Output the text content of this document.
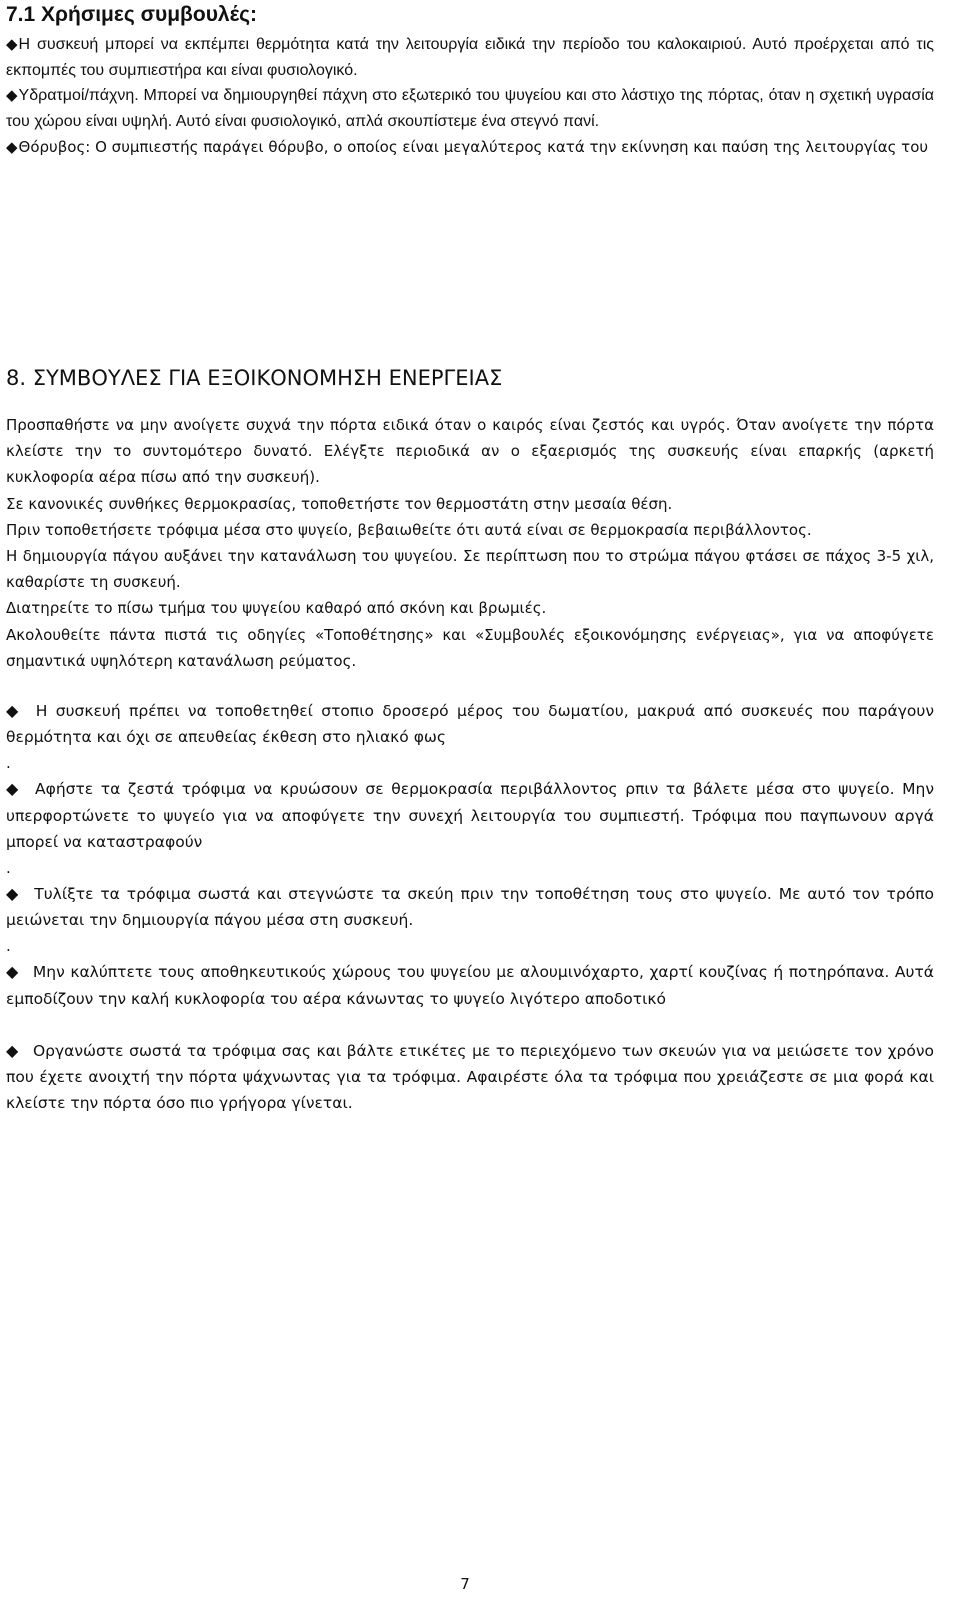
7.1 Χρήσιμες συμβουλές:

◆Η συσκευή μπορεί να εκπέμπει θερμότητα κατά την λειτουργία ειδικά την περίοδο του καλοκαιριού. Αυτό προέρχεται από τις εκπομπές του συμπιεστήρα και είναι φυσιολογικό.

◆Υδρατμοί/πάχνη. Μπορεί να δημιουργηθεί πάχνη στο εξωτερικό του ψυγείου και στο λάστιχο της πόρτας, όταν η σχετική υγρασία του χώρου είναι υψηλή. Αυτό είναι φυσιολογικό, απλά σκουπίστεμε ένα στεγνό πανί.

◆Θόρυβος: Ο συμπιεστής παράγει θόρυβο, ο οποίος είναι μεγαλύτερος κατά την εκίννηση και παύση της λειτουργίας του

8. ΣΥΜΒΟΥΛΕΣ ΓΙΑ ΕΞΟΙΚΟΝΟΜΗΣΗ ΕΝΕΡΓΕΙΑΣ

Προσπαθήστε να μην ανοίγετε συχνά την πόρτα ειδικά όταν ο καιρός είναι ζεστός και υγρός. Όταν ανοίγετε την πόρτα κλείστε την το συντομότερο δυνατό. Ελέγξτε περιοδικά αν ο εξαερισμός της συσκευής είναι επαρκής (αρκετή κυκλοφορία αέρα πίσω από την συσκευή).

Σε κανονικές συνθήκες θερμοκρασίας, τοποθετήστε τον θερμοστάτη στην μεσαία θέση.

Πριν τοποθετήσετε τρόφιμα μέσα στο ψυγείο, βεβαιωθείτε ότι αυτά είναι σε θερμοκρασία περιβάλλοντος.

Η δημιουργία πάγου αυξάνει την κατανάλωση του ψυγείου. Σε περίπτωση που το στρώμα πάγου φτάσει σε πάχος 3-5 χιλ, καθαρίστε τη συσκευή.

Διατηρείτε το πίσω τμήμα του ψυγείου καθαρό από σκόνη και βρωμιές.

Ακολουθείτε πάντα πιστά τις οδηγίες «Τοποθέτησης» και «Συμβουλές εξοικονόμησης ενέργειας», για να αποφύγετε σημαντικά υψηλότερη κατανάλωση ρεύματος.

◆ Η συσκευή πρέπει να τοποθετηθεί στοπιο δροσερό μέρος του δωματίου, μακρυά από συσκευές που παράγουν θερμότητα και όχι σε απευθείας έκθεση στο ηλιακό φως

.

◆ Αφήστε τα ζεστά τρόφιμα να κρυώσουν σε θερμοκρασία περιβάλλοντος ρπιν τα βάλετε μέσα στο ψυγείο. Μην υπερφορτώνετε το ψυγείο για να αποφύγετε την συνεχή λειτουργία του συμπιεστή. Τρόφιμα που παγπωνουν αργά μπορεί να καταστραφούν

.

◆ Τυλίξτε τα τρόφιμα σωστά και στεγνώστε τα σκεύη πριν την τοποθέτηση τους στο ψυγείο. Με αυτό τον τρόπο μειώνεται την δημιουργία πάγου μέσα στη συσκευή.

.

◆ Μην καλύπτετε τους αποθηκευτικούς χώρους του ψυγείου με αλουμινόχαρτο, χαρτί κουζίνας ή ποτηρόπανα. Αυτά εμποδίζουν την καλή κυκλοφορία του αέρα κάνωντας το ψυγείο λιγότερο αποδοτικό

◆ Οργανώστε σωστά τα τρόφιμα σας και βάλτε ετικέτες με το περιεχόμενο των σκευών για να μειώσετε τον χρόνο που έχετε ανοιχτή την πόρτα ψάχνωντας για τα τρόφιμα. Αφαιρέστε όλα τα τρόφιμα που χρειάζεστε σε μια φορά και κλείστε την πόρτα όσο πιο γρήγορα γίνεται.

7
